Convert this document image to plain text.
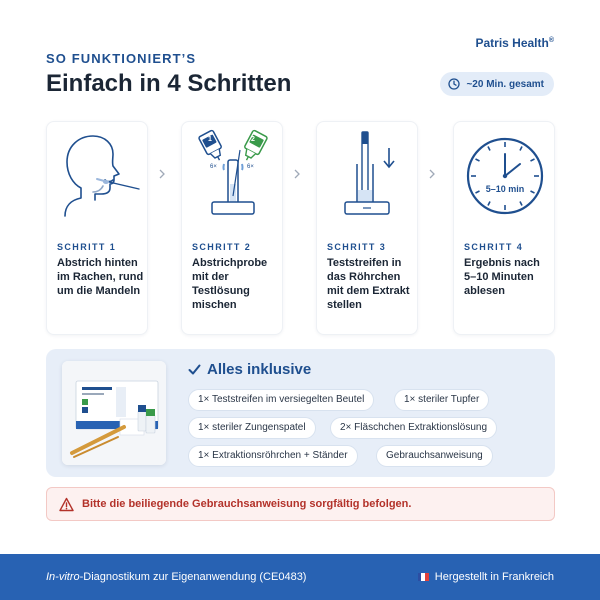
Patris Health®
SO FUNKTIONIERT’S
Einfach in 4 Schritten	~20 Min. gesamt
SCHRITT 1
Abstrich hinten im Rachen, rund um die Mandeln
1	2
6×	6×
SCHRITT 2
Abstrichprobe mit der Testlösung mischen
SCHRITT 3
Teststreifen in das Röhrchen mit dem Extrakt stellen
5–10 min
SCHRITT 4
Ergebnis nach 5–10 Minuten ablesen
Alles inklusive
1× Teststreifen im versiegelten Beutel	1× steriler Tupfer
1× steriler Zungenspatel	2× Fläschchen Extraktionslösung
1× Extraktionsröhrchen + Ständer	Gebrauchsanweisung
Bitte die beiliegende Gebrauchsanweisung sorgfältig befolgen.
In-vitro-Diagnostikum zur Eigenanwendung (CE0483)	Hergestellt in Frankreich
